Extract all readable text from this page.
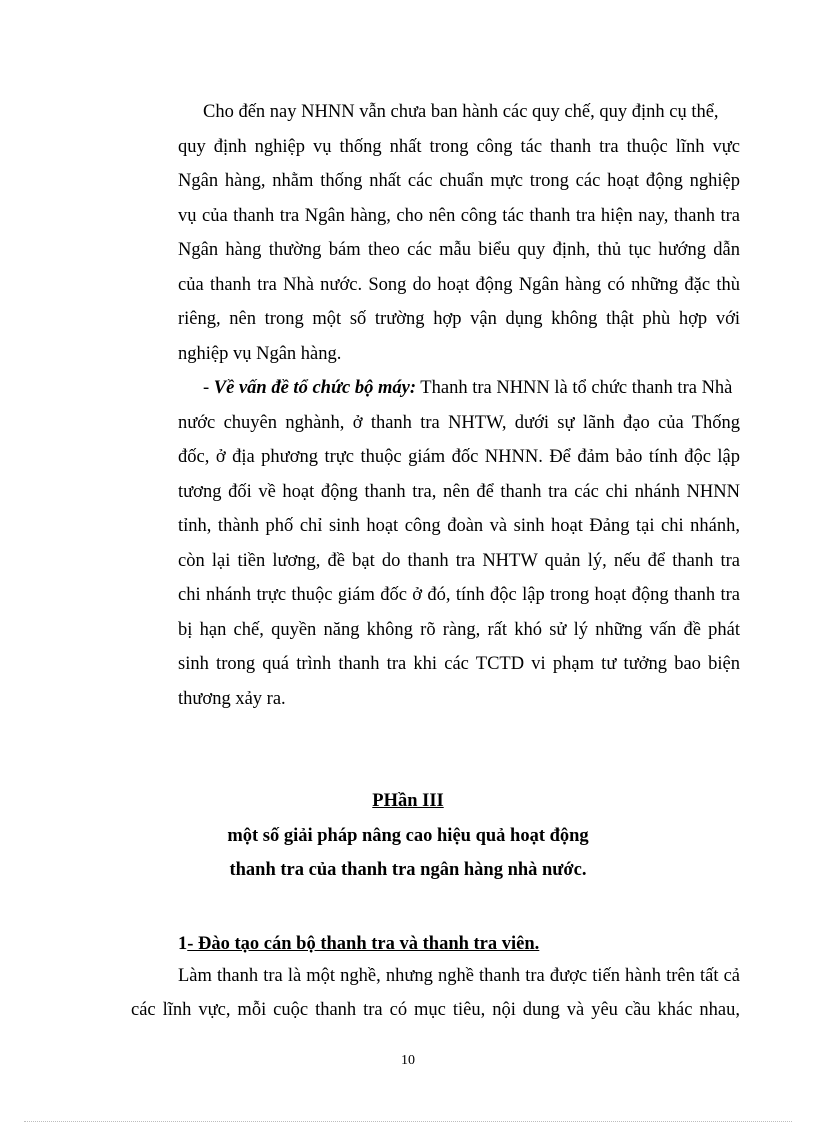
Cho đến nay NHNN vẫn chưa ban hành các quy chế, quy định cụ thể,

quy định nghiệp vụ thống nhất trong công tác thanh tra thuộc lĩnh vực

Ngân hàng, nhằm thống nhất các chuẩn mực trong các hoạt động nghiệp

vụ của thanh tra Ngân hàng, cho nên công tác thanh tra hiện nay, thanh tra

Ngân hàng thường bám theo các mẫu biểu quy định, thủ tục hướng dẫn

của thanh tra Nhà nước. Song do hoạt động Ngân hàng có những đặc thù

riêng, nên trong một số trường hợp vận dụng không thật phù hợp với

nghiệp vụ Ngân hàng.

- Về vấn đề tổ chức bộ máy: Thanh tra NHNN là tổ chức thanh tra Nhà

nước chuyên nghành, ở thanh tra NHTW, dưới sự lãnh đạo của Thống

đốc, ở địa phương trực thuộc giám đốc NHNN. Để đảm bảo tính độc lập

tương đối về hoạt động thanh tra, nên để thanh tra các chi nhánh NHNN

tỉnh, thành phố chỉ sinh hoạt công đoàn và sinh hoạt Đảng tại chi nhánh,

còn lại tiền lương, đề bạt do thanh tra NHTW quản lý, nếu để thanh tra

chi nhánh trực thuộc giám đốc ở đó, tính độc lập trong hoạt động thanh tra

bị hạn chế, quyền năng không rõ ràng, rất khó sử lý những vấn đề phát

sinh trong quá trình thanh tra khi các TCTD vi phạm tư tưởng bao biện

thương xảy ra.

PHần III

một số giải pháp nâng cao hiệu quả hoạt động

thanh tra của thanh tra ngân hàng nhà nước.

1- Đào tạo cán bộ thanh tra và thanh tra viên.

Làm thanh tra là một nghề, nhưng nghề thanh tra được tiến hành trên tất cả

các lĩnh vực, mỗi cuộc thanh tra có mục tiêu, nội dung và yêu cầu khác nhau,

10
